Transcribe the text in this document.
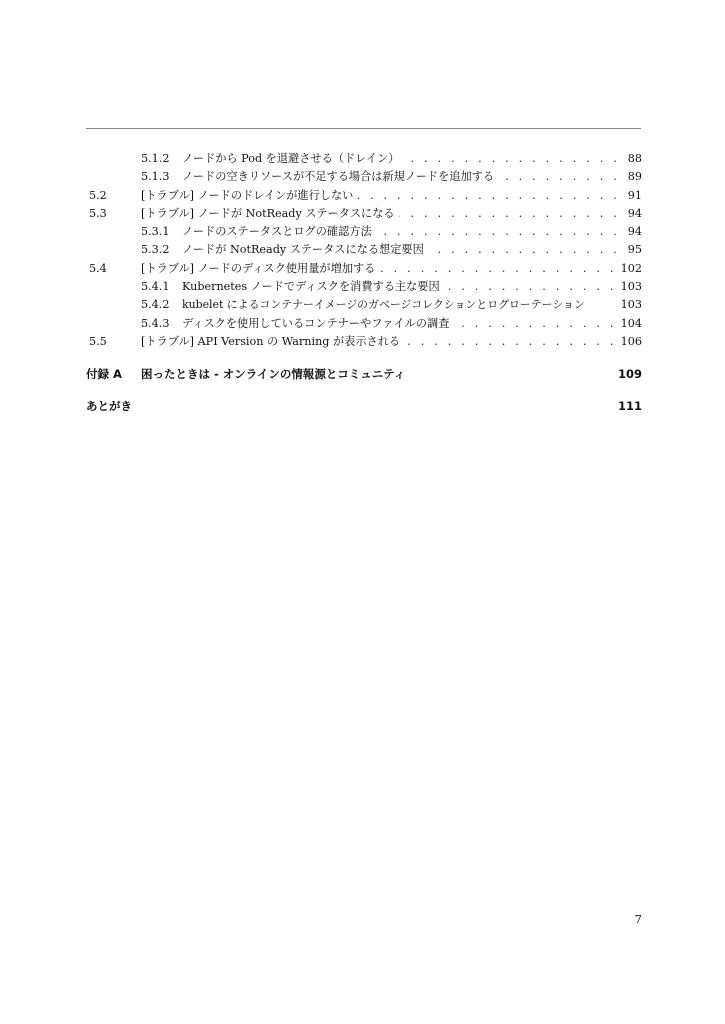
5.1.2	ノードから Pod を退避させる（ドレイン） . . .	88
5.1.3	ノードの空きリソースが不足する場合は新規ノードを追加する . . .	89
5.2	[トラブル] ノードのドレインが進行しない . . .	91
5.3	[トラブル] ノードが NotReady ステータスになる . . .	94
5.3.1	ノードのステータスとログの確認方法 . . .	94
5.3.2	ノードが NotReady ステータスになる想定要因 . . .	95
5.4	[トラブル] ノードのディスク使用量が増加する . . .	102
5.4.1	Kubernetes ノードでディスクを消費する主な要因 . . .	103
5.4.2	kubelet によるコンテナーイメージのガベージコレクションとログローテーション	103
5.4.3	ディスクを使用しているコンテナーやファイルの調査 . . .	104
5.5	[トラブル] API Version の Warning が表示される . . .	106
付録 A	困ったときは - オンラインの情報源とコミュニティ	109
あとがき	111
7
